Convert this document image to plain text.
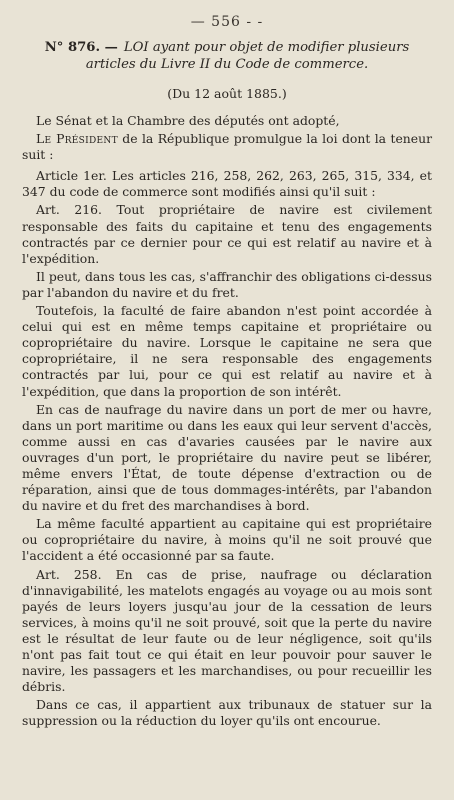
— 556 - -
N° 876. — LOI ayant pour objet de modifier plusieurs articles du Livre II du Code de commerce.
(Du 12 août 1885.)

Le Sénat et la Chambre des députés ont adopté,

Le Président de la République promulgue la loi dont la teneur suit :

Article 1er. Les articles 216, 258, 262, 263, 265, 315, 334, et 347 du code de commerce sont modifiés ainsi qu'il suit :

Art. 216. Tout propriétaire de navire est civilement responsable des faits du capitaine et tenu des engagements contractés par ce dernier pour ce qui est relatif au navire et à l'expédition.

Il peut, dans tous les cas, s'affranchir des obligations ci-dessus par l'abandon du navire et du fret.

Toutefois, la faculté de faire abandon n'est point accordée à celui qui est en même temps capitaine et propriétaire ou copropriétaire du navire. Lorsque le capitaine ne sera que copropriétaire, il ne sera responsable des engagements contractés par lui, pour ce qui est relatif au navire et à l'expédition, que dans la proportion de son intérêt.

En cas de naufrage du navire dans un port de mer ou havre, dans un port maritime ou dans les eaux qui leur servent d'accès, comme aussi en cas d'avaries causées par le navire aux ouvrages d'un port, le propriétaire du navire peut se libérer, même envers l'État, de toute dépense d'extraction ou de réparation, ainsi que de tous dommages-intérêts, par l'abandon du navire et du fret des marchandises à bord.

La même faculté appartient au capitaine qui est propriétaire ou copropriétaire du navire, à moins qu'il ne soit prouvé que l'accident a été occasionné par sa faute.

Art. 258. En cas de prise, naufrage ou déclaration d'innavigabilité, les matelots engagés au voyage ou au mois sont payés de leurs loyers jusqu'au jour de la cessation de leurs services, à moins qu'il ne soit prouvé, soit que la perte du navire est le résultat de leur faute ou de leur négligence, soit qu'ils n'ont pas fait tout ce qui était en leur pouvoir pour sauver le navire, les passagers et les marchandises, ou pour recueillir les débris.

Dans ce cas, il appartient aux tribunaux de statuer sur la suppression ou la réduction du loyer qu'ils ont encourue.
